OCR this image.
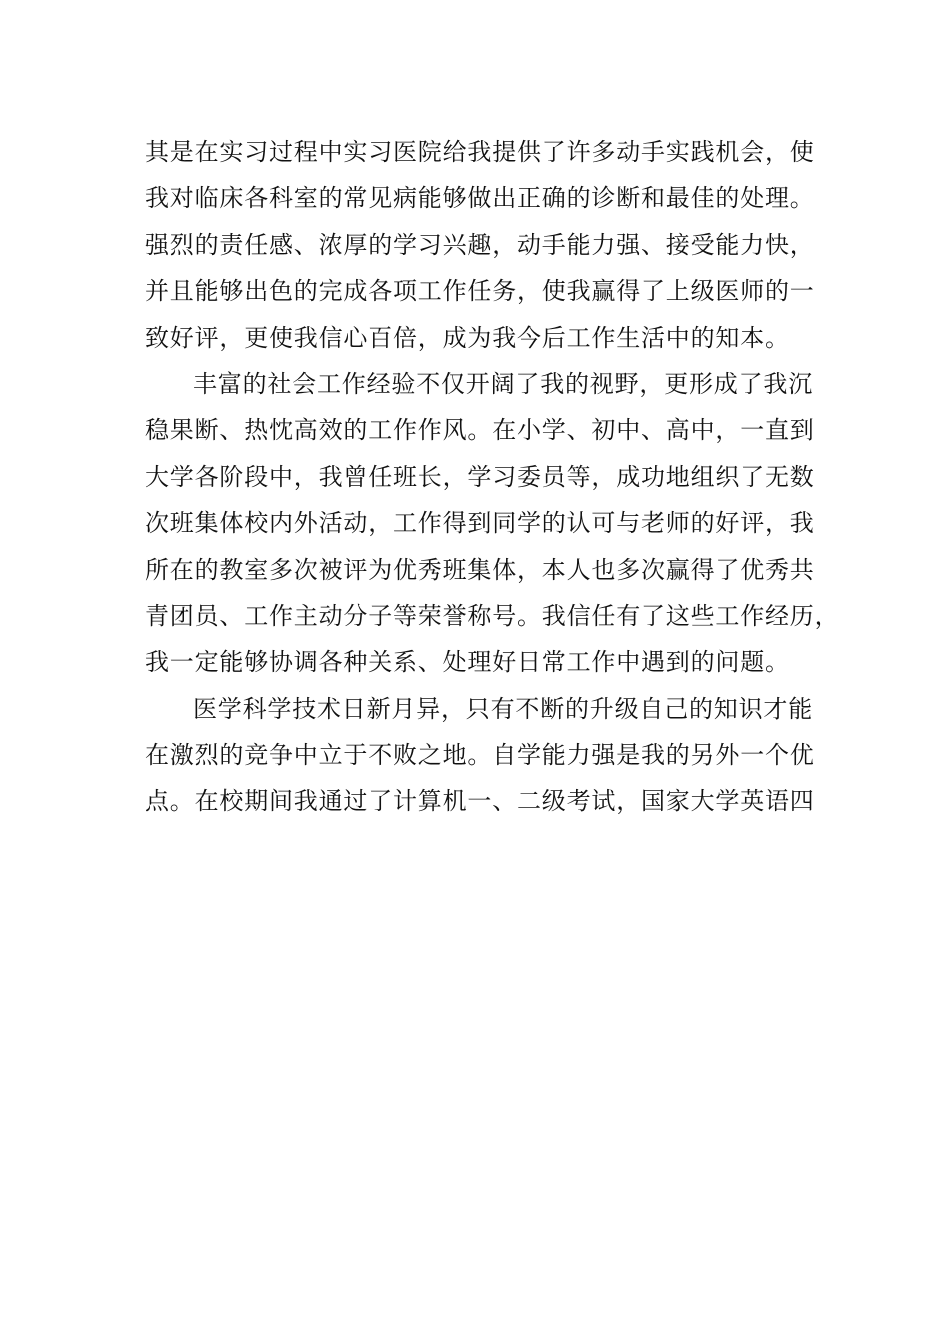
其是在实习过程中实习医院给我提供了许多动手实践机会，使
我对临床各科室的常见病能够做出正确的诊断和最佳的处理。
强烈的责任感、浓厚的学习兴趣，动手能力强、接受能力快，
并且能够出色的完成各项工作任务，使我赢得了上级医师的一
致好评，更使我信心百倍，成为我今后工作生活中的知本。
丰富的社会工作经验不仅开阔了我的视野，更形成了我沉
稳果断、热忱高效的工作作风。在小学、初中、高中，一直到
大学各阶段中，我曾任班长，学习委员等，成功地组织了无数
次班集体校内外活动，工作得到同学的认可与老师的好评，我
所在的教室多次被评为优秀班集体，本人也多次赢得了优秀共
青团员、工作主动分子等荣誉称号。我信任有了这些工作经历，
我一定能够协调各种关系、处理好日常工作中遇到的问题。
医学科学技术日新月异，只有不断的升级自己的知识才能
在激烈的竞争中立于不败之地。自学能力强是我的另外一个优
点。在校期间我通过了计算机一、二级考试，国家大学英语四
